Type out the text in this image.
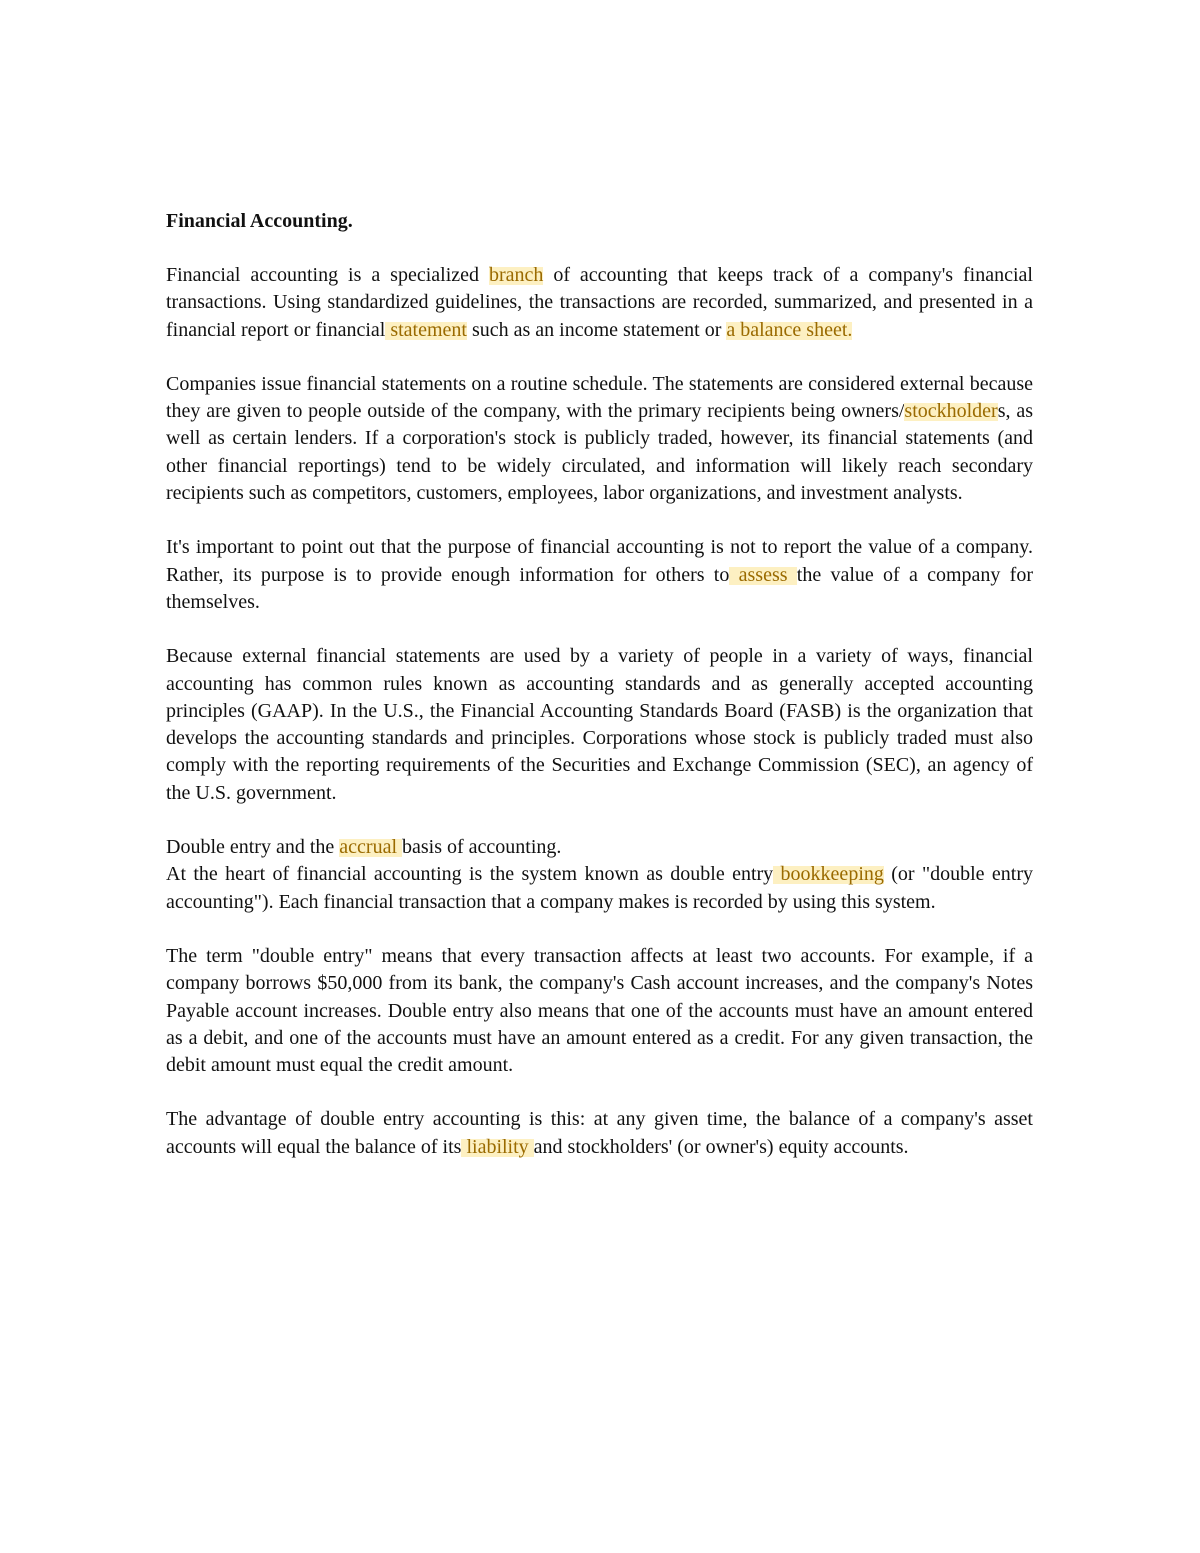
Financial Accounting.

Financial accounting is a specialized branch of accounting that keeps track of a company's financial transactions. Using standardized guidelines, the transactions are recorded, summarized, and presented in a financial report or financial statement such as an income statement or a balance sheet.

Companies issue financial statements on a routine schedule. The statements are considered external because they are given to people outside of the company, with the primary recipients being owners/stockholders, as well as certain lenders. If a corporation's stock is publicly traded, however, its financial statements (and other financial reportings) tend to be widely circulated, and information will likely reach secondary recipients such as competitors, customers, employees, labor organizations, and investment analysts.

It's important to point out that the purpose of financial accounting is not to report the value of a company. Rather, its purpose is to provide enough information for others to assess the value of a company for themselves.

Because external financial statements are used by a variety of people in a variety of ways, financial accounting has common rules known as accounting standards and as generally accepted accounting principles (GAAP). In the U.S., the Financial Accounting Standards Board (FASB) is the organization that develops the accounting standards and principles. Corporations whose stock is publicly traded must also comply with the reporting requirements of the Securities and Exchange Commission (SEC), an agency of the U.S. government.

Double entry and the accrual basis of accounting.

At the heart of financial accounting is the system known as double entry bookkeeping (or "double entry accounting"). Each financial transaction that a company makes is recorded by using this system.

The term "double entry" means that every transaction affects at least two accounts. For example, if a company borrows $50,000 from its bank, the company's Cash account increases, and the company's Notes Payable account increases. Double entry also means that one of the accounts must have an amount entered as a debit, and one of the accounts must have an amount entered as a credit. For any given transaction, the debit amount must equal the credit amount.

The advantage of double entry accounting is this: at any given time, the balance of a company's asset accounts will equal the balance of its liability and stockholders' (or owner's) equity accounts.
